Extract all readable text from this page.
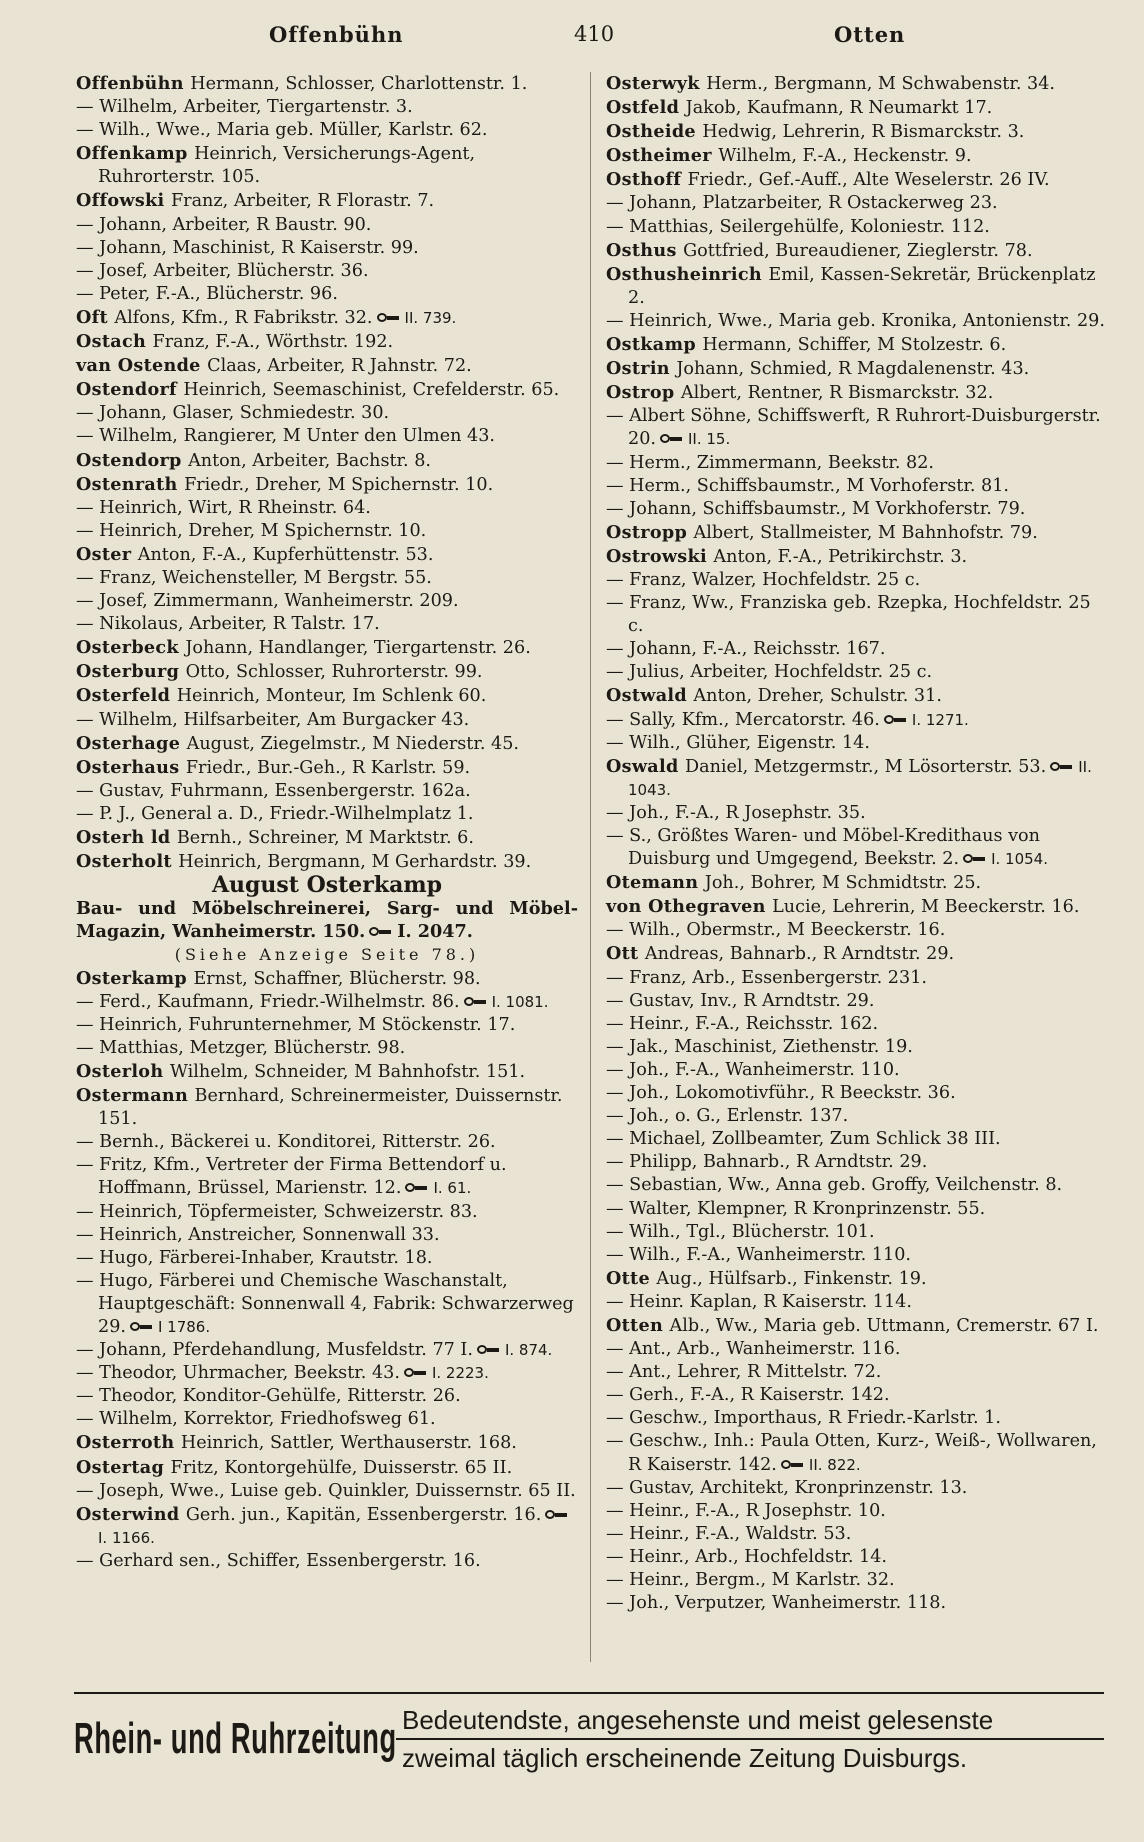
Offenbühn	410	Otten
Offenbühn Hermann, Schlosser, Charlottenstr. 1.
— Wilhelm, Arbeiter, Tiergartenstr. 3.
— Wilh., Wwe., Maria geb. Müller, Karlstr. 62.
Offenkamp Heinrich, Versicherungs-Agent, Ruhrorterstr. 105.
Offowski Franz, Arbeiter, R Florastr. 7.
— Johann, Arbeiter, R Baustr. 90.
— Johann, Maschinist, R Kaiserstr. 99.
— Josef, Arbeiter, Blücherstr. 36.
— Peter, F.-A., Blücherstr. 96.
Oft Alfons, Kfm., R Fabrikstr. 32. II. 739.
Ostach Franz, F.-A., Wörthstr. 192.
van Ostende Claas, Arbeiter, R Jahnstr. 72.
Ostendorf Heinrich, Seemaschinist, Crefelderstr. 65.
— Johann, Glaser, Schmiedestr. 30.
— Wilhelm, Rangierer, M Unter den Ulmen 43.
Ostendorp Anton, Arbeiter, Bachstr. 8.
Ostenrath Friedr., Dreher, M Spichernstr. 10.
— Heinrich, Wirt, R Rheinstr. 64.
— Heinrich, Dreher, M Spichernstr. 10.
Oster Anton, F.-A., Kupferhüttenstr. 53.
— Franz, Weichensteller, M Bergstr. 55.
— Josef, Zimmermann, Wanheimerstr. 209.
— Nikolaus, Arbeiter, R Talstr. 17.
Osterbeck Johann, Handlanger, Tiergartenstr. 26.
Osterburg Otto, Schlosser, Ruhrorterstr. 99.
Osterfeld Heinrich, Monteur, Im Schlenk 60.
— Wilhelm, Hilfsarbeiter, Am Burgacker 43.
Osterhage August, Ziegelmstr., M Niederstr. 45.
Osterhaus Friedr., Bur.-Geh., R Karlstr. 59.
— Gustav, Fuhrmann, Essenbergerstr. 162a.
— P. J., General a. D., Friedr.-Wilhelmplatz 1.
Osterh ld Bernh., Schreiner, M Marktstr. 6.
Osterholt Heinrich, Bergmann, M Gerhardstr. 39.
August Osterkamp
Bau- und Möbelschreinerei, Sarg- und Möbel-
Magazin, Wanheimerstr. 150. I. 2047.
(Siehe Anzeige Seite 78.)
Osterkamp Ernst, Schaffner, Blücherstr. 98.
— Ferd., Kaufmann, Friedr.-Wilhelmstr. 86. I. 1081.
— Heinrich, Fuhrunternehmer, M Stöckenstr. 17.
— Matthias, Metzger, Blücherstr. 98.
Osterloh Wilhelm, Schneider, M Bahnhofstr. 151.
Ostermann Bernhard, Schreinermeister, Duissernstr. 151.
— Bernh., Bäckerei u. Konditorei, Ritterstr. 26.
— Fritz, Kfm., Vertreter der Firma Bettendorf u. Hoffmann, Brüssel, Marienstr. 12. I. 61.
— Heinrich, Töpfermeister, Schweizerstr. 83.
— Heinrich, Anstreicher, Sonnenwall 33.
— Hugo, Färberei-Inhaber, Krautstr. 18.
— Hugo, Färberei und Chemische Waschanstalt, Hauptgeschäft: Sonnenwall 4, Fabrik: Schwarzerweg 29. I 1786.
— Johann, Pferdehandlung, Musfeldstr. 77 I. I. 874.
— Theodor, Uhrmacher, Beekstr. 43. I. 2223.
— Theodor, Konditor-Gehülfe, Ritterstr. 26.
— Wilhelm, Korrektor, Friedhofsweg 61.
Osterroth Heinrich, Sattler, Werthauserstr. 168.
Ostertag Fritz, Kontorgehülfe, Duisserstr. 65 II.
— Joseph, Wwe., Luise geb. Quinkler, Duissernstr. 65 II.
Osterwind Gerh. jun., Kapitän, Essenbergerstr. 16.I. 1166.
— Gerhard sen., Schiffer, Essenbergerstr. 16.
Osterwyk Herm., Bergmann, M Schwabenstr. 34.
Ostfeld Jakob, Kaufmann, R Neumarkt 17.
Ostheide Hedwig, Lehrerin, R Bismarckstr. 3.
Ostheimer Wilhelm, F.-A., Heckenstr. 9.
Osthoff Friedr., Gef.-Auff., Alte Weselerstr. 26 IV.
— Johann, Platzarbeiter, R Ostackerweg 23.
— Matthias, Seilergehülfe, Koloniestr. 112.
Osthus Gottfried, Bureaudiener, Zieglerstr. 78.
Osthusheinrich Emil, Kassen-Sekretär, Brückenplatz 2.
— Heinrich, Wwe., Maria geb. Kronika, Antonienstr. 29.
Ostkamp Hermann, Schiffer, M Stolzestr. 6.
Ostrin Johann, Schmied, R Magdalenenstr. 43.
Ostrop Albert, Rentner, R Bismarckstr. 32.
— Albert Söhne, Schiffswerft, R Ruhrort-Duisburgerstr. 20. II. 15.
— Herm., Zimmermann, Beekstr. 82.
— Herm., Schiffsbaumstr., M Vorhoferstr. 81.
— Johann, Schiffsbaumstr., M Vorkhoferstr. 79.
Ostropp Albert, Stallmeister, M Bahnhofstr. 79.
Ostrowski Anton, F.-A., Petrikirchstr. 3.
— Franz, Walzer, Hochfeldstr. 25 c.
— Franz, Ww., Franziska geb. Rzepka, Hochfeldstr. 25 c.
— Johann, F.-A., Reichsstr. 167.
— Julius, Arbeiter, Hochfeldstr. 25 c.
Ostwald Anton, Dreher, Schulstr. 31.
— Sally, Kfm., Mercatorstr. 46. I. 1271.
— Wilh., Glüher, Eigenstr. 14.
Oswald Daniel, Metzgermstr., M Lösorterstr. 53. II. 1043.
— Joh., F.-A., R Josephstr. 35.
— S., Größtes Waren- und Möbel-Kredithaus von Duisburg und Umgegend, Beekstr. 2. I. 1054.
Otemann Joh., Bohrer, M Schmidtstr. 25.
von Othegraven Lucie, Lehrerin, M Beeckerstr. 16.
— Wilh., Obermstr., M Beeckerstr. 16.
Ott Andreas, Bahnarb., R Arndtstr. 29.
— Franz, Arb., Essenbergerstr. 231.
— Gustav, Inv., R Arndtstr. 29.
— Heinr., F.-A., Reichsstr. 162.
— Jak., Maschinist, Ziethenstr. 19.
— Joh., F.-A., Wanheimerstr. 110.
— Joh., Lokomotivführ., R Beeckstr. 36.
— Joh., o. G., Erlenstr. 137.
— Michael, Zollbeamter, Zum Schlick 38 III.
— Philipp, Bahnarb., R Arndtstr. 29.
— Sebastian, Ww., Anna geb. Groffy, Veilchenstr. 8.
— Walter, Klempner, R Kronprinzenstr. 55.
— Wilh., Tgl., Blücherstr. 101.
— Wilh., F.-A., Wanheimerstr. 110.
Otte Aug., Hülfsarb., Finkenstr. 19.
— Heinr. Kaplan, R Kaiserstr. 114.
Otten Alb., Ww., Maria geb. Uttmann, Cremerstr. 67 I.
— Ant., Arb., Wanheimerstr. 116.
— Ant., Lehrer, R Mittelstr. 72.
— Gerh., F.-A., R Kaiserstr. 142.
— Geschw., Importhaus, R Friedr.-Karlstr. 1.
— Geschw., Inh.: Paula Otten, Kurz-, Weiß-, Wollwaren, R Kaiserstr. 142. II. 822.
— Gustav, Architekt, Kronprinzenstr. 13.
— Heinr., F.-A., R Josephstr. 10.
— Heinr., F.-A., Waldstr. 53.
— Heinr., Arb., Hochfeldstr. 14.
— Heinr., Bergm., M Karlstr. 32.
— Joh., Verputzer, Wanheimerstr. 118.
Rhein- und Ruhrzeitung Bedeutendste, angesehenste und meist gelesenste
zweimal täglich erscheinende Zeitung Duisburgs.
